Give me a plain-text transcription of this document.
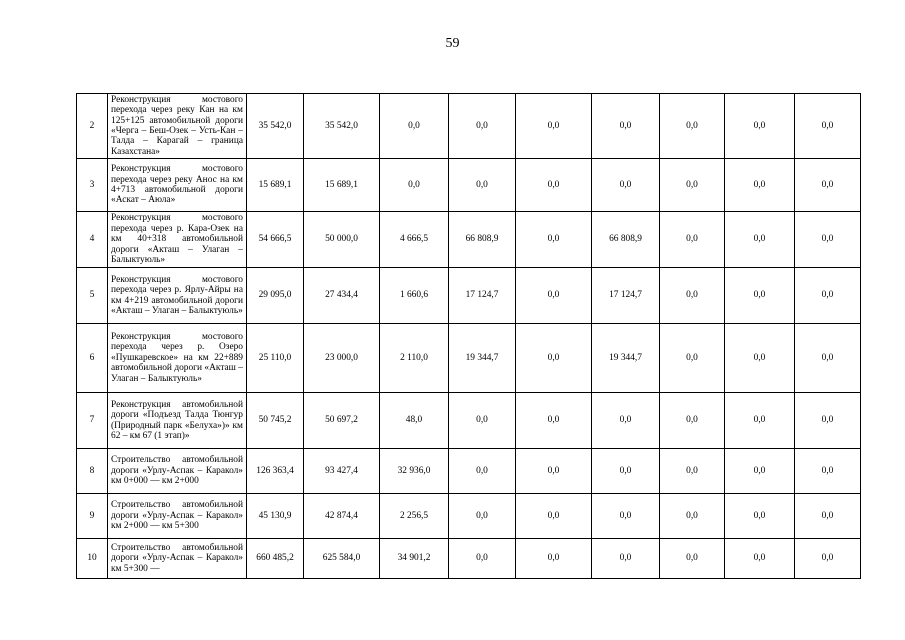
59
2	Реконструкция мостового перехода через реку Кан на км 125+125 автомобильной дороги «Черга – Беш-Озек – Усть-Кан – Талда – Карагай – граница Казахстана»	35 542,0	35 542,0	0,0	0,0	0,0	0,0	0,0	0,0	0,0
3	Реконструкция мостового перехода через реку Анос на км 4+713 автомобильной дороги «Аскат – Аюла»	15 689,1	15 689,1	0,0	0,0	0,0	0,0	0,0	0,0	0,0
4	Реконструкция мостового перехода через р. Кара-Озек на км 40+318 автомобильной дороги «Акташ – Улаган – Балыктуюль»	54 666,5	50 000,0	4 666,5	66 808,9	0,0	66 808,9	0,0	0,0	0,0
5	Реконструкция мостового перехода через р. Ярлу-Айры на км 4+219 автомобильной дороги «Акташ – Улаган – Балыктуюль»	29 095,0	27 434,4	1 660,6	17 124,7	0,0	17 124,7	0,0	0,0	0,0
6	Реконструкция мостового перехода через р. Озеро «Пушкаревское» на км 22+889 автомобильной дороги «Акташ – Улаган – Балыктуюль»	25 110,0	23 000,0	2 110,0	19 344,7	0,0	19 344,7	0,0	0,0	0,0
7	Реконструкция автомобильной дороги «Подъезд Талда Тюнгур (Природный парк «Белуха»)» км 62 – км 67 (1 этап)»	50 745,2	50 697,2	48,0	0,0	0,0	0,0	0,0	0,0	0,0
8	Строительство автомобильной дороги «Урлу-Аспак – Каракол» км 0+000 — км 2+000	126 363,4	93 427,4	32 936,0	0,0	0,0	0,0	0,0	0,0	0,0
9	Строительство автомобильной дороги «Урлу-Аспак – Каракол» км 2+000 — км 5+300	45 130,9	42 874,4	2 256,5	0,0	0,0	0,0	0,0	0,0	0,0
10	Строительство автомобильной дороги «Урлу-Аспак – Каракол» км 5+300 —	660 485,2	625 584,0	34 901,2	0,0	0,0	0,0	0,0	0,0	0,0
